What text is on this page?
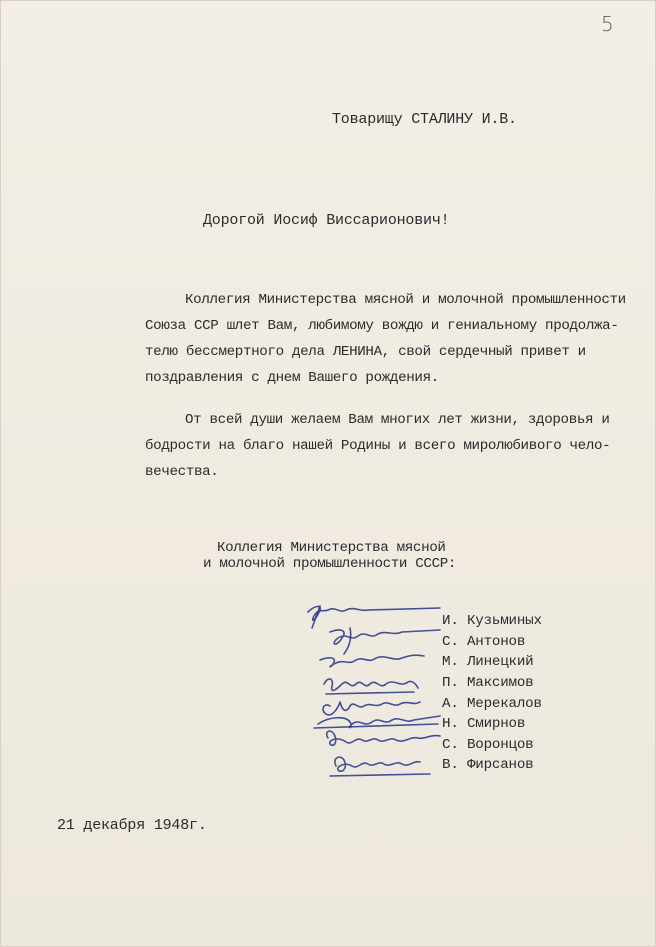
5
Товарищу СТАЛИНУ И.В.
Дорогой Иосиф Виссарионович!
Коллегия Министерства мясной и молочной промышленности
Союза ССР шлет Вам, любимому вождю и гениальному продолжа-
телю бессмертного дела ЛЕНИНА, свой сердечный привет и
поздравления с днем Вашего рождения.
От всей души желаем Вам многих лет жизни, здоровья и
бодрости на благо нашей Родины и всего миролюбивого чело-
вечества.
Коллегия Министерства мясной
и молочной промышленности СССР:
И. Кузьминых
С. Антонов
М. Линецкий
П. Максимов
А. Мерекалов
Н. Смирнов
С. Воронцов
В. Фирсанов
21 декабря 1948г.
